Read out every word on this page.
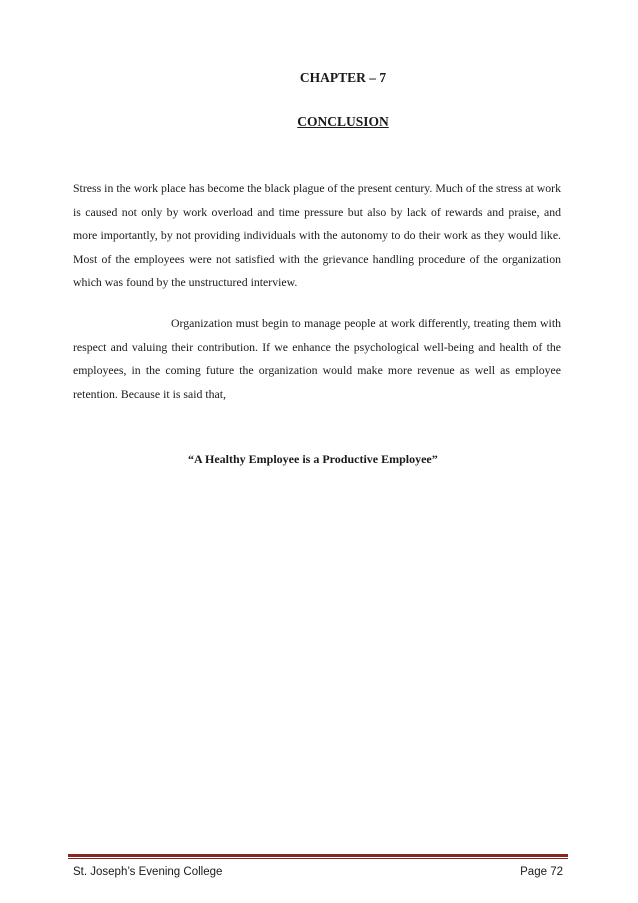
CHAPTER – 7
CONCLUSION

Stress in the work place has become the black plague of the present century. Much of the stress at work is caused not only by work overload and time pressure but also by lack of rewards and praise, and more importantly, by not providing individuals with the autonomy to do their work as they would like. Most of the employees were not satisfied with the grievance handling procedure of the organization which was found by the unstructured interview.

Organization must begin to manage people at work differently, treating them with respect and valuing their contribution. If we enhance the psychological well-being and health of the employees, in the coming future the organization would make more revenue as well as employee retention. Because it is said that,

“A Healthy Employee is a Productive Employee”
St. Joseph’s Evening College	Page 72
